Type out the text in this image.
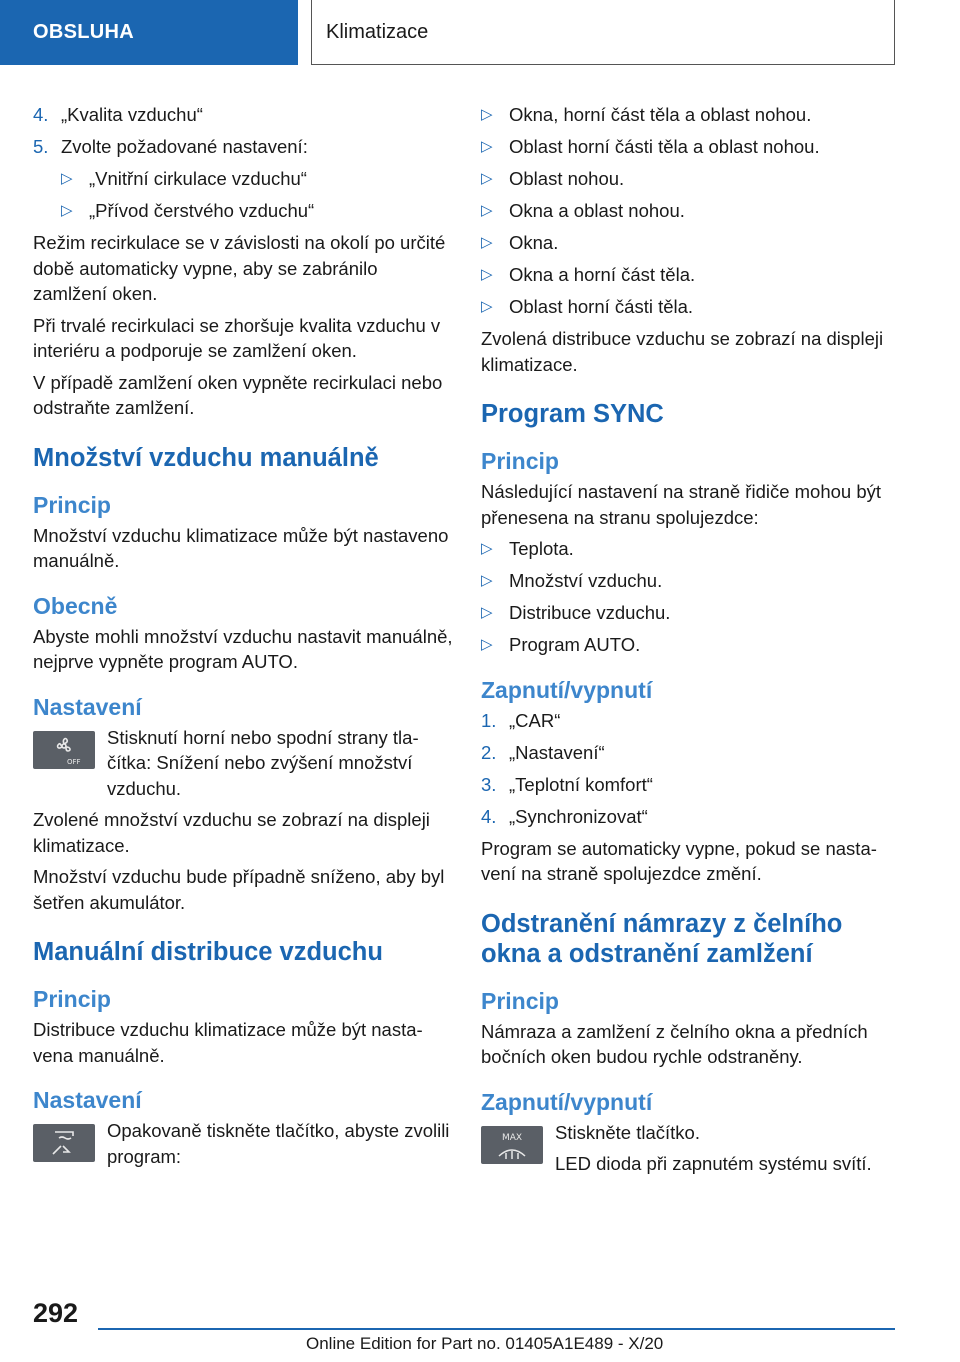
OBSLUHA	Klimatizace
4. „Kvalita vzduchu“
5. Zvolte požadované nastavení:
▷ „Vnitřní cirkulace vzduchu“
▷ „Přívod čerstvého vzduchu“

Režim recirkulace se v závislosti na okolí po určité době automaticky vypne, aby se zabránilo zamlžení oken.

Při trvalé recirkulaci se zhoršuje kvalita vzduchu v interiéru a podporuje se zamlžení oken.

V případě zamlžení oken vypněte recirkulaci nebo odstraňte zamlžení.

Množství vzduchu manuálně
Princip

Množství vzduchu klimatizace může být nastaveno manuálně.

Obecně

Abyste mohli množství vzduchu nastavit manuálně, nejprve vypněte program AUTO.

Nastavení
OFF
Stisknutí horní nebo spodní strany tlačítka: Snížení nebo zvýšení množství vzduchu.

Zvolené množství vzduchu se zobrazí na displeji klimatizace.

Množství vzduchu bude případně sníženo, aby byl šetřen akumulátor.

Manuální distribuce vzduchu
Princip

Distribuce vzduchu klimatizace může být nastavena manuálně.

Nastavení
Opakovaně tiskněte tlačítko, abyste zvolili program:
▷ Okna, horní část těla a oblast nohou.
▷ Oblast horní části těla a oblast nohou.
▷ Oblast nohou.
▷ Okna a oblast nohou.
▷ Okna.
▷ Okna a horní část těla.
▷ Oblast horní části těla.

Zvolená distribuce vzduchu se zobrazí na displeji klimatizace.

Program SYNC
Princip

Následující nastavení na straně řidiče mohou být přenesena na stranu spolujezdce:

▷ Teplota.
▷ Množství vzduchu.
▷ Distribuce vzduchu.
▷ Program AUTO.
Zapnutí/vypnutí
1. „CAR“
2. „Nastavení“
3. „Teplotní komfort“
4. „Synchronizovat“

Program se automaticky vypne, pokud se nastavení na straně spolujezdce změní.

Odstranění námrazy z čelního okna a odstranění zamlžení
Princip

Námraza a zamlžení z čelního okna a předních bočních oken budou rychle odstraněny.

Zapnutí/vypnutí
MAX Stiskněte tlačítko.

LED dioda při zapnutém systému svítí.

292
Online Edition for Part no. 01405A1E489 - X/20
